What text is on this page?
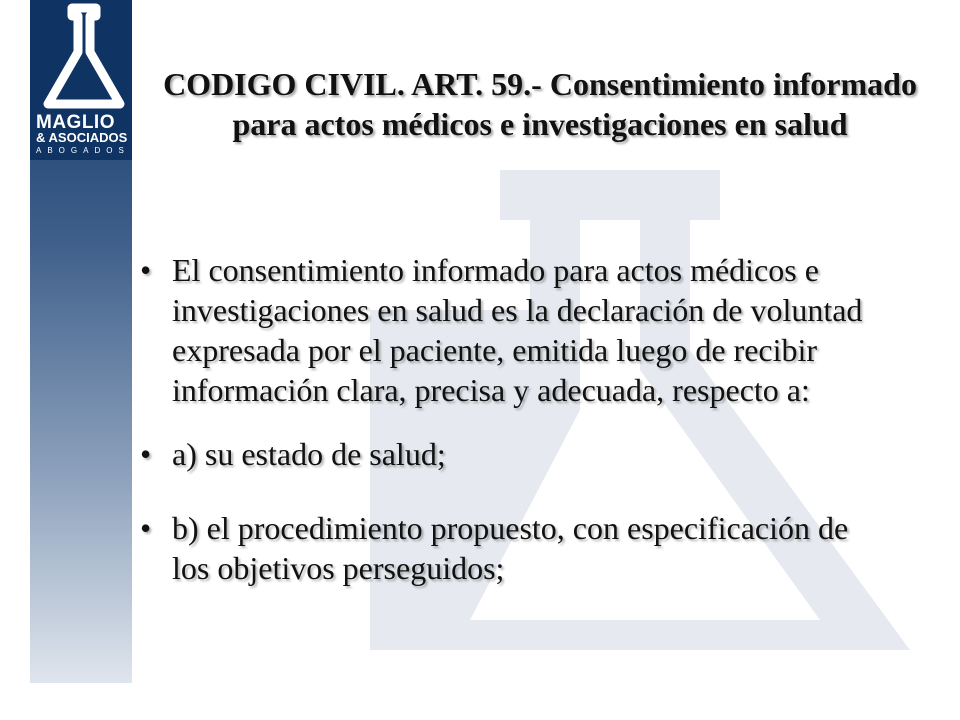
MAGLIO
& ASOCIADOS
ABOGADOS
CODIGO CIVIL. ART. 59.- Consentimiento informado para actos médicos e investigaciones en salud
• El consentimiento informado para actos médicos e investigaciones en salud es la declaración de voluntad expresada por el paciente, emitida luego de recibir información clara, precisa y adecuada, respecto a:
• a) su estado de salud;
• b) el procedimiento propuesto, con especificación de los objetivos perseguidos;
